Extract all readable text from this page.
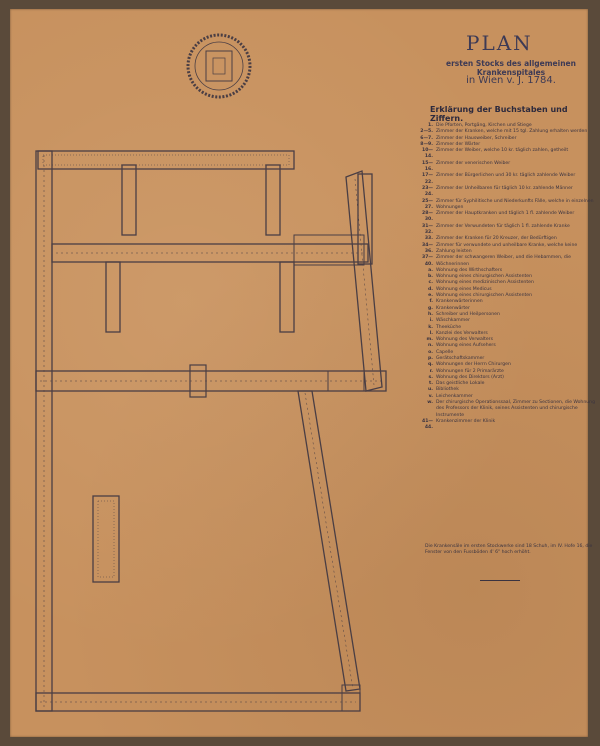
PLAN
ersten Stocks des allgemeinen Krankenspitales
in Wien v. J. 1784.
Erklärung der Buchstaben und Ziffern.
1. Die Pforten, Portgäng, Kirchen und Stiege
2—5. Zimmer der Kranken, welche mit 15 tgl. Zahlung erhalten werden
6—7. Zimmer der Hausweiber, Schreiber
8—9. Zimmer der Wärter
10—14.
Zimmer der Weiber, welche 10 kr. täglich zahlen, getheilt
15—16.
Zimmer der venerischen Weiber
17—22.
Zimmer der Bürgerlichen und 30 kr. täglich zahlende Weiber
23—24.
Zimmer der Unheilbaren für täglich 10 kr. zahlende Männer
25—27.
Zimmer für Syphilitische und Niederkunfts Fälle, welche in einzelnen Wohnungen
28—30.
Zimmer der Hauptkranken und täglich 1 fl. zahlende Weiber
31—32.
Zimmer der Verwundeten für täglich 1 fl. zahlende Kranke
33. Zimmer der Kranken für 20 Kreuzer, der Bedürftigen
34—36.
Zimmer für verwundete und unheilbare Kranke, welche keine Zahlung leisten
37—40.
Zimmer der schwangeren Weiber, und die Hebammen, die Wöchnerinnen
a. Wohnung des Wirthschafters
b. Wohnung eines chirurgischen Assistenten
c. Wohnung eines medizinischen Assistenten
d. Wohnung eines Medicus
e. Wohnung eines chirurgischen Assistenten
f. Krankenwärterinnen
g. Krankenwärter
h. Schreiber und Heilpersonen
i. Wäschkammer
k. Theeküche
l. Kanzlei des Verwalters
m. Wohnung des Verwalters
n. Wohnung eines Aufsehers
o. Capelle
p. Gerätschaftskammer
q. Wohnungen der Herrn Chirurgen
r. Wohnungen für 2 Primarärzte
s. Wohnung des Direktors (Arzt)
t. Das geistliche Lokale
u. Bibliothek
v. Leichenkammer
w. Der chirurgische Operationssaal, Zimmer zu Sectionen, die Wohnung des Professors der Klinik, seines Assistenten und chirurgische Instrumente
41—44.
Krankenzimmer der Klinik
Die Krankensäle im ersten Stockwerke sind 18 Schuh, im IV. Hofe 16, die Fenster von den Fussböden 4' 6" hoch erhöht.
